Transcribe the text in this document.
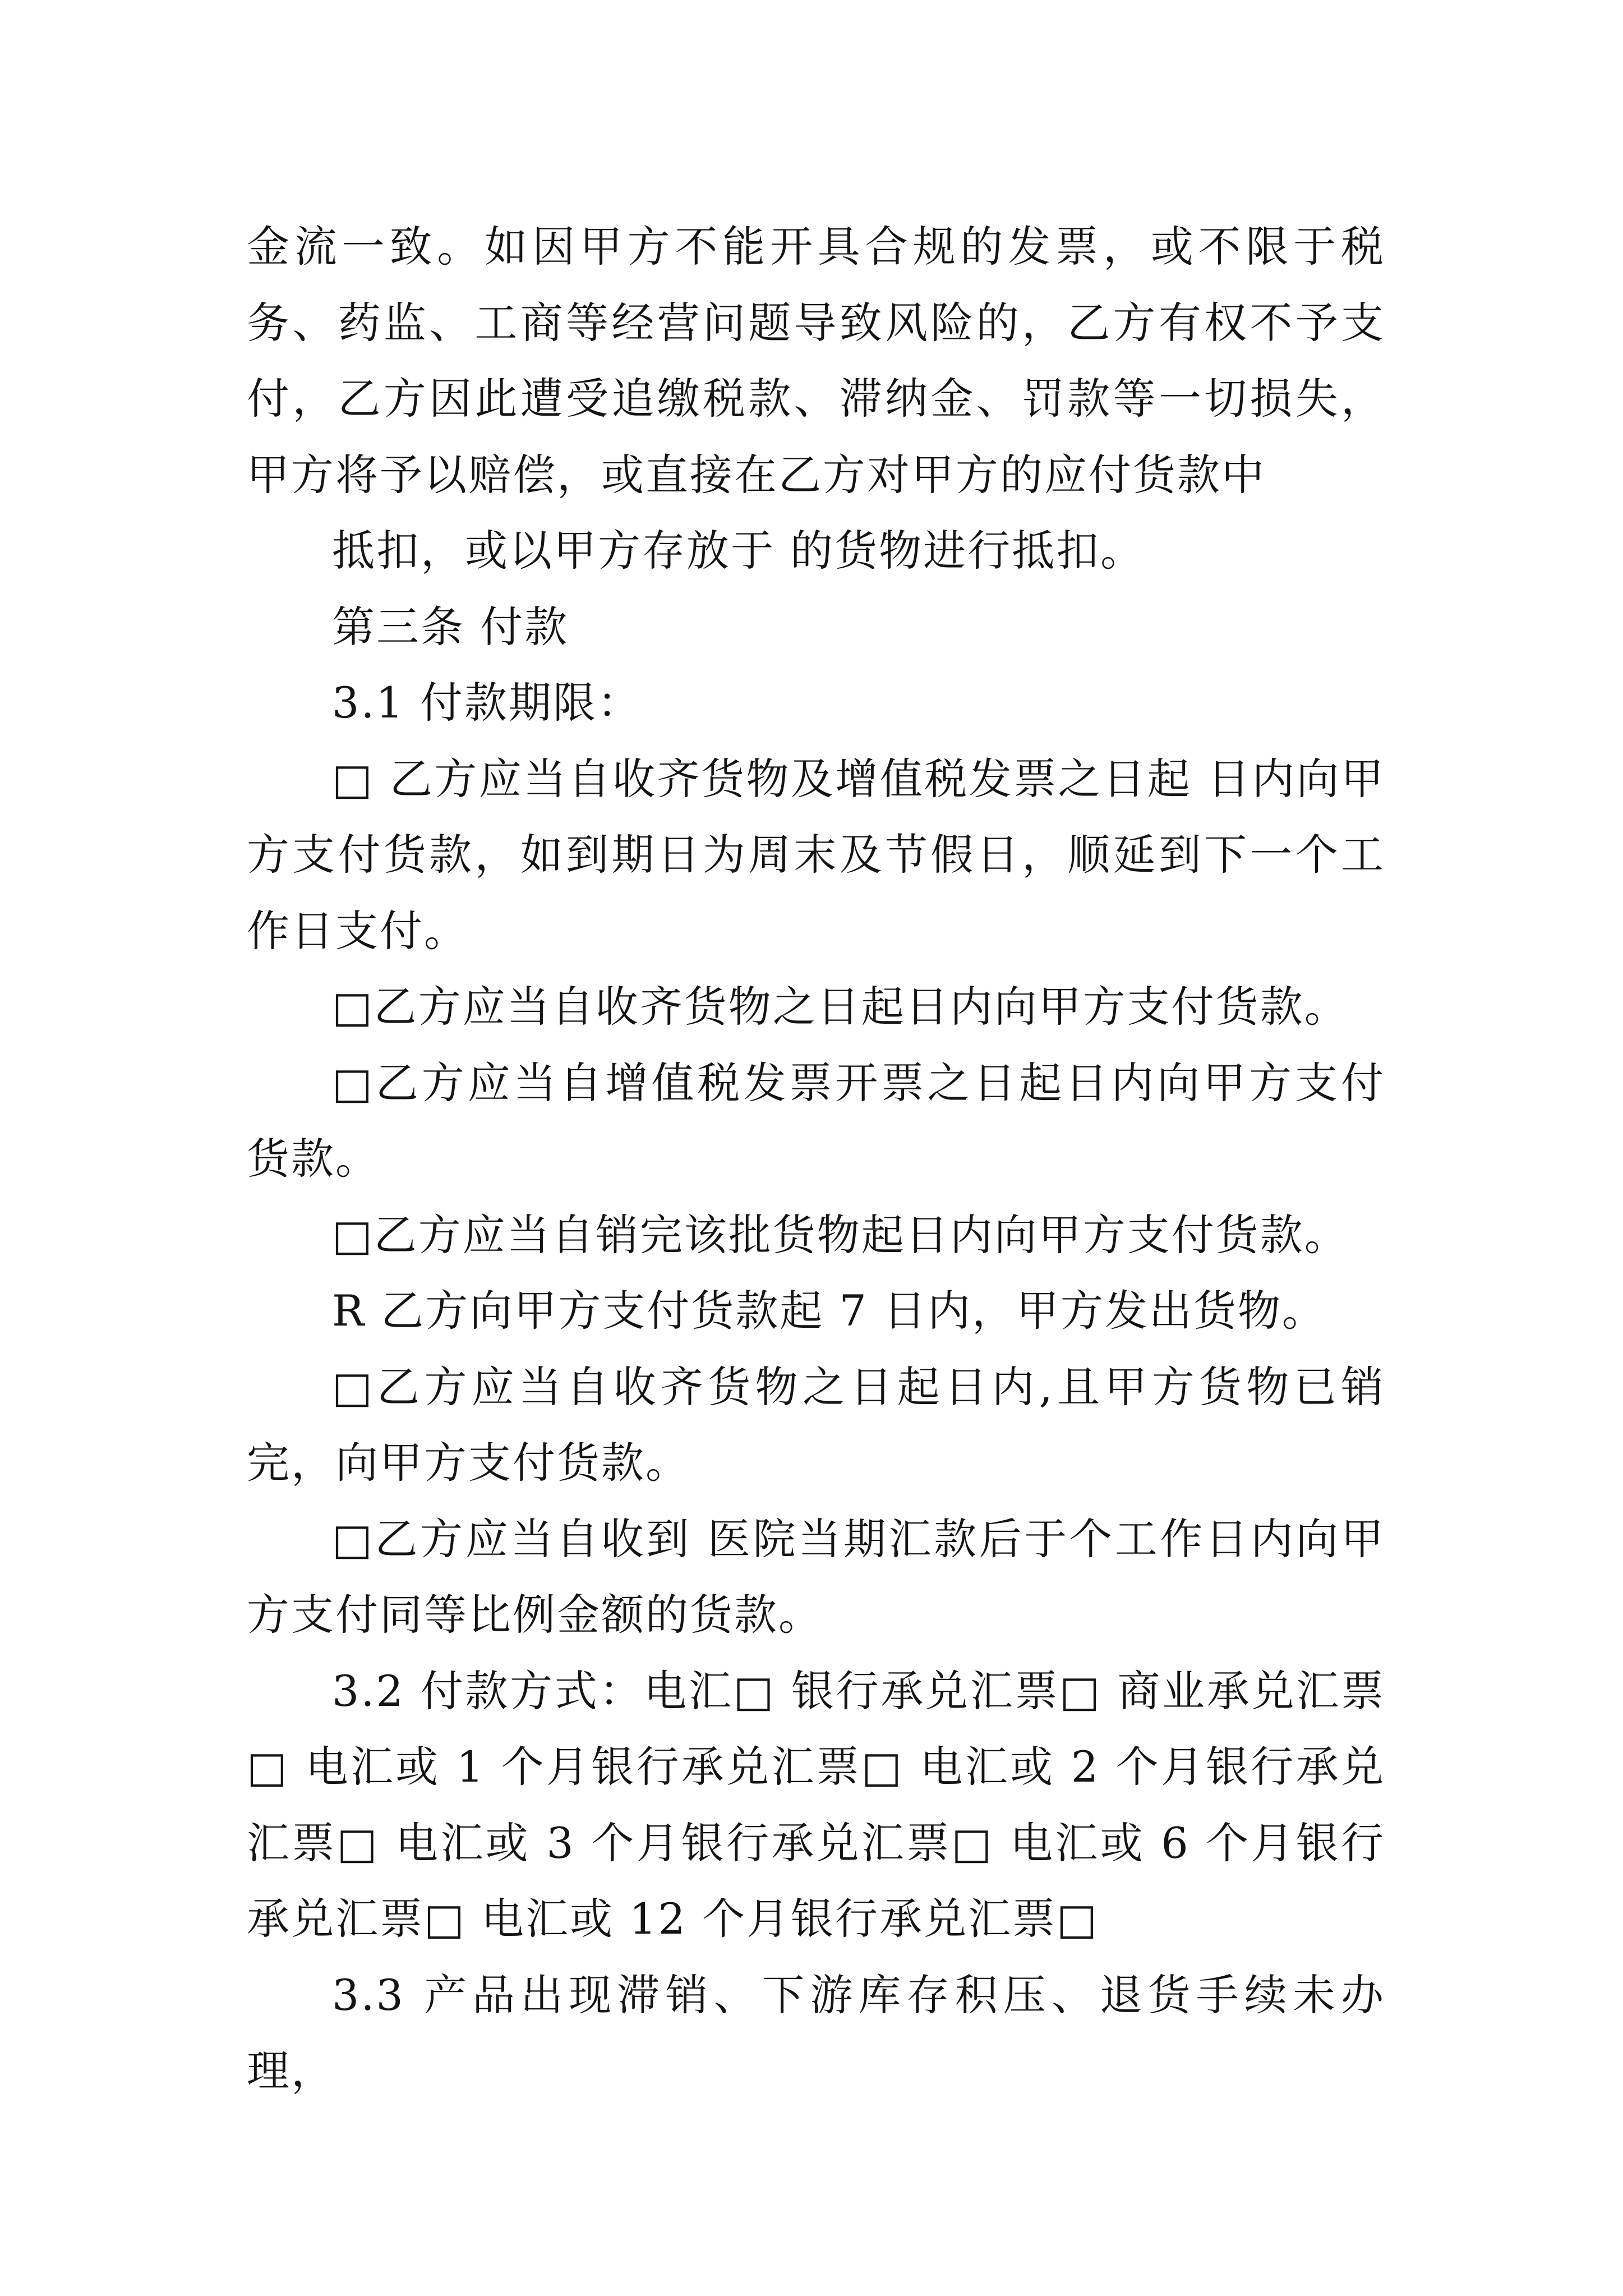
金流一致。如因甲方不能开具合规的发票，或不限于税务、药监、工商等经营问题导致风险的，乙方有权不予支付，乙方因此遭受追缴税款、滞纳金、罚款等一切损失，甲方将予以赔偿，或直接在乙方对甲方的应付货款中

抵扣，或以甲方存放于 的货物进行抵扣。

第三条 付款

3.1 付款期限：

□ 乙方应当自收齐货物及增值税发票之日起 日内向甲方支付货款，如到期日为周末及节假日，顺延到下一个工作日支付。

□乙方应当自收齐货物之日起日内向甲方支付货款。

□乙方应当自增值税发票开票之日起日内向甲方支付货款。

□乙方应当自销完该批货物起日内向甲方支付货款。

R 乙方向甲方支付货款起 7 日内，甲方发出货物。

□乙方应当自收齐货物之日起日内,且甲方货物已销完，向甲方支付货款。

□乙方应当自收到 医院当期汇款后于个工作日内向甲方支付同等比例金额的货款。

3.2 付款方式：电汇□ 银行承兑汇票□ 商业承兑汇票□ 电汇或 1 个月银行承兑汇票□ 电汇或 2 个月银行承兑汇票□ 电汇或 3 个月银行承兑汇票□ 电汇或 6 个月银行承兑汇票□ 电汇或 12 个月银行承兑汇票□

3.3 产品出现滞销、下游库存积压、退货手续未办理，
